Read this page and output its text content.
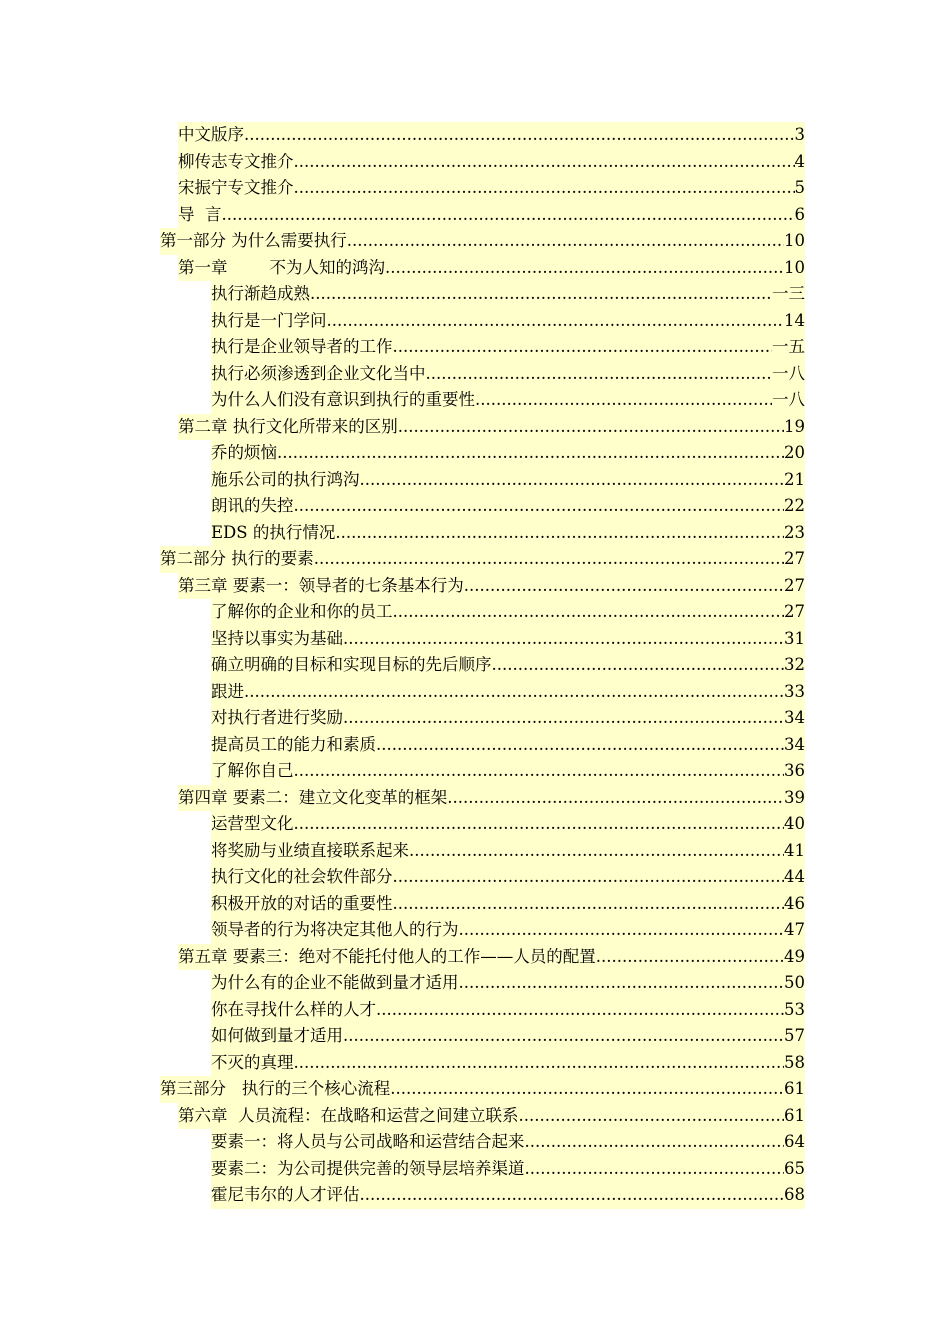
中文版序 .....	3
柳传志专文推介 .....	4
宋振宁专文推介 .....	5
导  言 .....	6
第一部分 为什么需要执行 .....	10
第一章        不为人知的鸿沟 .....	10
执行渐趋成熟 .....	一三
执行是一门学问 .....	14
执行是企业领导者的工作 .....	一五
执行必须渗透到企业文化当中 .....	一八
为什么人们没有意识到执行的重要性 .....	一八
第二章 执行文化所带来的区别 .....	19
乔的烦恼 .....	20
施乐公司的执行鸿沟 .....	21
朗讯的失控 .....	22
EDS 的执行情况 .....	23
第二部分 执行的要素 .....	27
第三章 要素一：领导者的七条基本行为 .....	27
了解你的企业和你的员工 .....	27
坚持以事实为基础 .....	31
确立明确的目标和实现目标的先后顺序 .....	32
跟进 .....	33
对执行者进行奖励 .....	34
提高员工的能力和素质 .....	34
了解你自己 .....	36
第四章 要素二：建立文化变革的框架 .....	39
运营型文化 .....	40
将奖励与业绩直接联系起来 .....	41
执行文化的社会软件部分 .....	44
积极开放的对话的重要性 .....	46
领导者的行为将决定其他人的行为 .....	47
第五章 要素三：绝对不能托付他人的工作——人员的配置 .....	49
为什么有的企业不能做到量才适用 .....	50
你在寻找什么样的人才 .....	53
如何做到量才适用 .....	57
不灭的真理 .....	58
第三部分   执行的三个核心流程 .....	61
第六章  人员流程：在战略和运营之间建立联系 .....	61
要素一：将人员与公司战略和运营结合起来 .....	64
要素二：为公司提供完善的领导层培养渠道 .....	65
霍尼韦尔的人才评估 .....	68
